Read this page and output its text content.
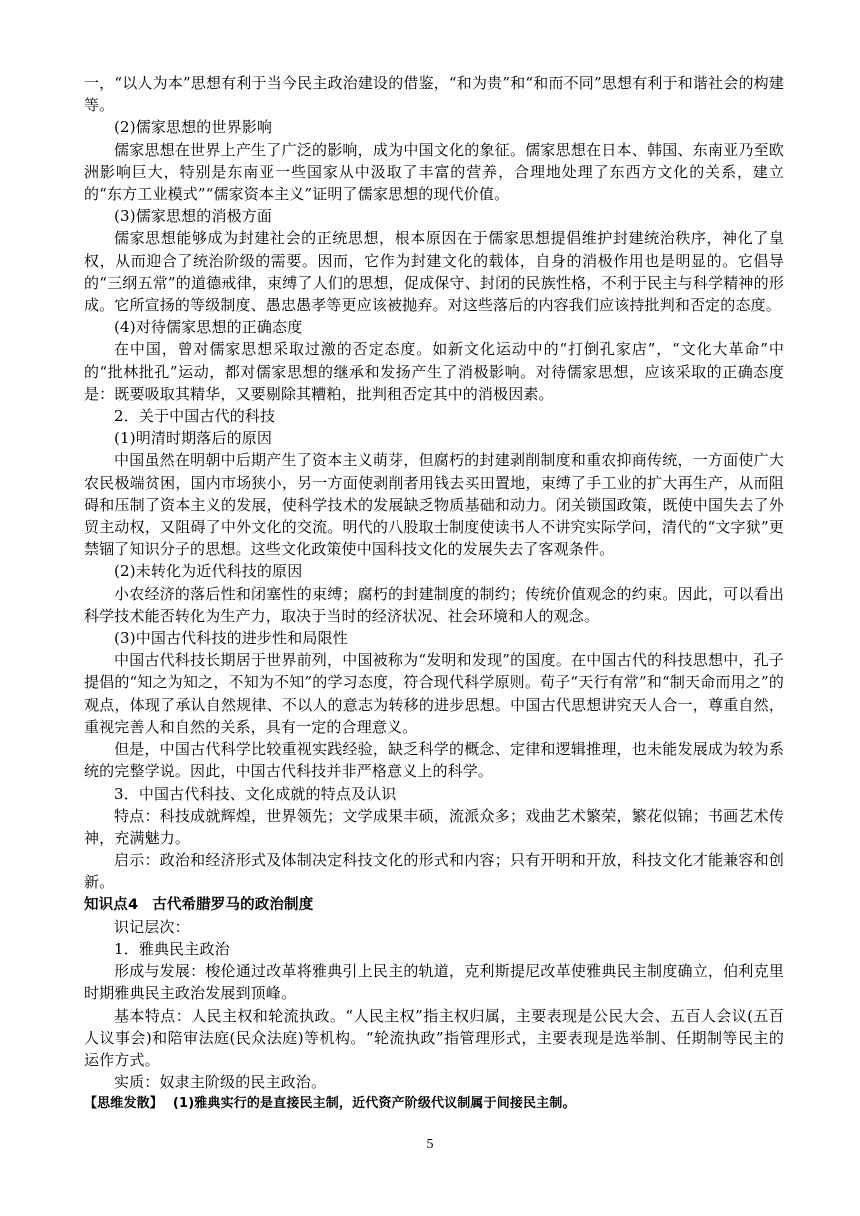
一，“以人为本”思想有利于当今民主政治建设的借鉴，“和为贵”和“和而不同”思想有利于和谐社会的构建等。

(2)儒家思想的世界影响

儒家思想在世界上产生了广泛的影响，成为中国文化的象征。儒家思想在日本、韩国、东南亚乃至欧洲影响巨大，特别是东南亚一些国家从中汲取了丰富的营养，合理地处理了东西方文化的关系，建立的“东方工业模式”“儒家资本主义”证明了儒家思想的现代价值。

(3)儒家思想的消极方面

儒家思想能够成为封建社会的正统思想，根本原因在于儒家思想提倡维护封建统治秩序，神化了皇权，从而迎合了统治阶级的需要。因而，它作为封建文化的载体，自身的消极作用也是明显的。它倡导的“三纲五常”的道德戒律，束缚了人们的思想，促成保守、封闭的民族性格，不利于民主与科学精神的形成。它所宣扬的等级制度、愚忠愚孝等更应该被抛弃。对这些落后的内容我们应该持批判和否定的态度。

(4)对待儒家思想的正确态度

在中国，曾对儒家思想采取过激的否定态度。如新文化运动中的“打倒孔家店”，“文化大革命”中的“批林批孔”运动，都对儒家思想的继承和发扬产生了消极影响。对待儒家思想，应该采取的正确态度是：既要吸取其精华，又要剔除其糟粕，批判租否定其中的消极因素。

2．关于中国古代的科技

(1)明清时期落后的原因

中国虽然在明朝中后期产生了资本主义萌芽，但腐朽的封建剥削制度和重农抑商传统，一方面使广大农民极端贫困，国内市场狭小，另一方面使剥削者用钱去买田置地，束缚了手工业的扩大再生产，从而阻碍和压制了资本主义的发展，使科学技术的发展缺乏物质基础和动力。闭关锁国政策，既使中国失去了外贸主动权，又阻碍了中外文化的交流。明代的八股取士制度使读书人不讲究实际学问，清代的“文字狱”更禁锢了知识分子的思想。这些文化政策使中国科技文化的发展失去了客观条件。

(2)未转化为近代科技的原因

小农经济的落后性和闭塞性的束缚；腐朽的封建制度的制约；传统价值观念的约束。因此，可以看出科学技术能否转化为生产力，取决于当时的经济状况、社会环境和人的观念。

(3)中国古代科技的进步性和局限性

中国古代科技长期居于世界前列，中国被称为“发明和发现”的国度。在中国古代的科技思想中，孔子提倡的“知之为知之，不知为不知”的学习态度，符合现代科学原则。荀子“天行有常”和“制天命而用之”的观点，体现了承认自然规律、不以人的意志为转移的进步思想。中国古代思想讲究天人合一，尊重自然，重视完善人和自然的关系，具有一定的合理意义。

但是，中国古代科学比较重视实践经验，缺乏科学的概念、定律和逻辑推理，也未能发展成为较为系统的完整学说。因此，中国古代科技并非严格意义上的科学。

3．中国古代科技、文化成就的特点及认识

特点：科技成就辉煌，世界领先；文学成果丰硕，流派众多；戏曲艺术繁荣，繁花似锦；书画艺术传神，充满魅力。

启示：政治和经济形式及体制决定科技文化的形式和内容；只有开明和开放，科技文化才能兼容和创新。

知识点4 古代希腊罗马的政治制度

识记层次：

1．雅典民主政治

形成与发展：梭伦通过改革将雅典引上民主的轨道，克利斯提尼改革使雅典民主制度确立，伯利克里时期雅典民主政治发展到顶峰。

基本特点：人民主权和轮流执政。“人民主权”指主权归属，主要表现是公民大会、五百人会议(五百人议事会)和陪审法庭(民众法庭)等机构。“轮流执政”指管理形式，主要表现是选举制、任期制等民主的运作方式。

实质：奴隶主阶级的民主政治。

【思维发散】 (1)雅典实行的是直接民主制，近代资产阶级代议制属于间接民主制。

5
